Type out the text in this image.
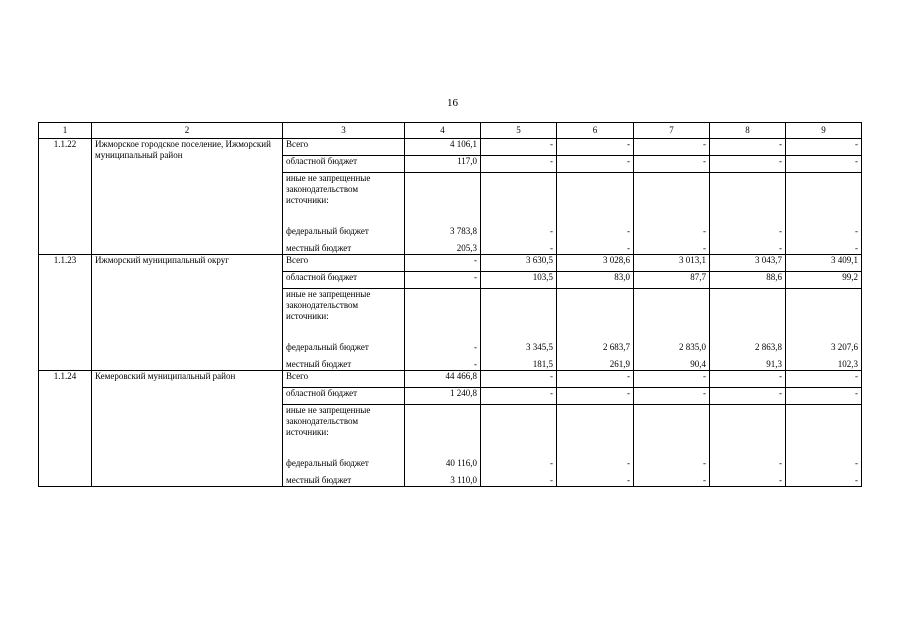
16
1	2	3	4	5	6	7	8	9
1.1.22	Ижморское городское поселение, Ижморский муниципальный район	Всего	4 106,1	-	-	-	-	-
		областной бюджет	117,0	-	-	-	-	-
		иные не запрещенные законодательством источники:						
		федеральный бюджет	3 783,8	-	-	-	-	-
		местный бюджет	205,3	-	-	-	-	-
1.1.23	Ижморский муниципальный округ	Всего	-	3 630,5	3 028,6	3 013,1	3 043,7	3 409,1
		областной бюджет	-	103,5	83,0	87,7	88,6	99,2
		иные не запрещенные законодательством источники:						
		федеральный бюджет	-	3 345,5	2 683,7	2 835,0	2 863,8	3 207,6
		местный бюджет	-	181,5	261,9	90,4	91,3	102,3
1.1.24	Кемеровский муниципальный район	Всего	44 466,8	-	-	-	-	-
		областной бюджет	1 240,8	-	-	-	-	-
		иные не запрещенные законодательством источники:						
		федеральный бюджет	40 116,0	-	-	-	-	-
		местный бюджет	3 110,0	-	-	-	-	-
